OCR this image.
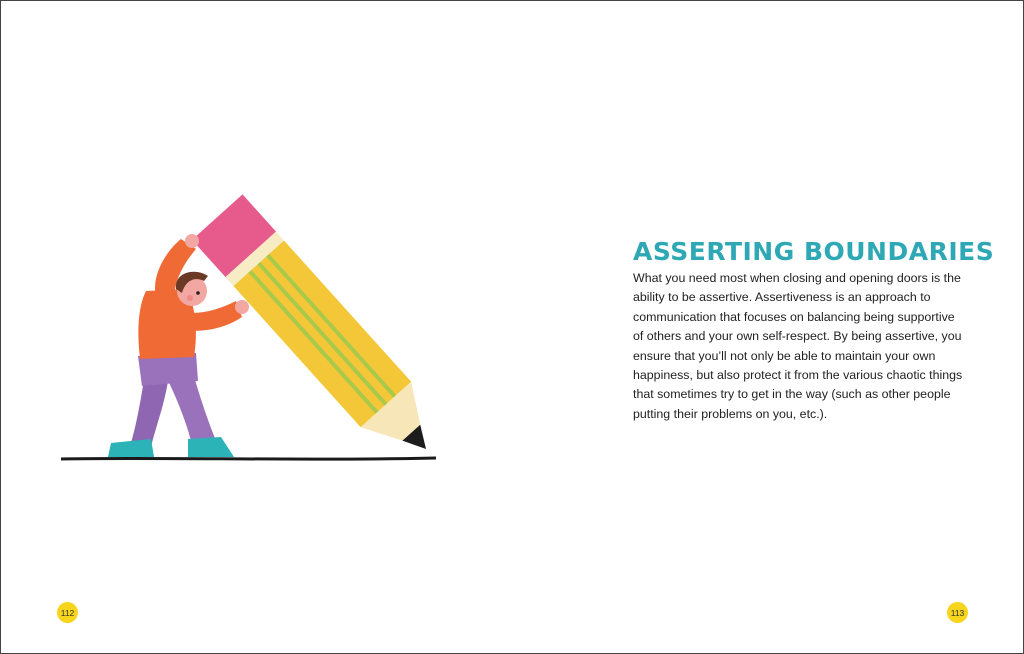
ASSERTING BOUNDARIES
What you need most when closing and opening doors is the
ability to be assertive. Assertiveness is an approach to
communication that focuses on balancing being supportive
of others and your own self-respect. By being assertive, you
ensure that you’ll not only be able to maintain your own
happiness, but also protect it from the various chaotic things
that sometimes try to get in the way (such as other people
putting their problems on you, etc.).
112	113
